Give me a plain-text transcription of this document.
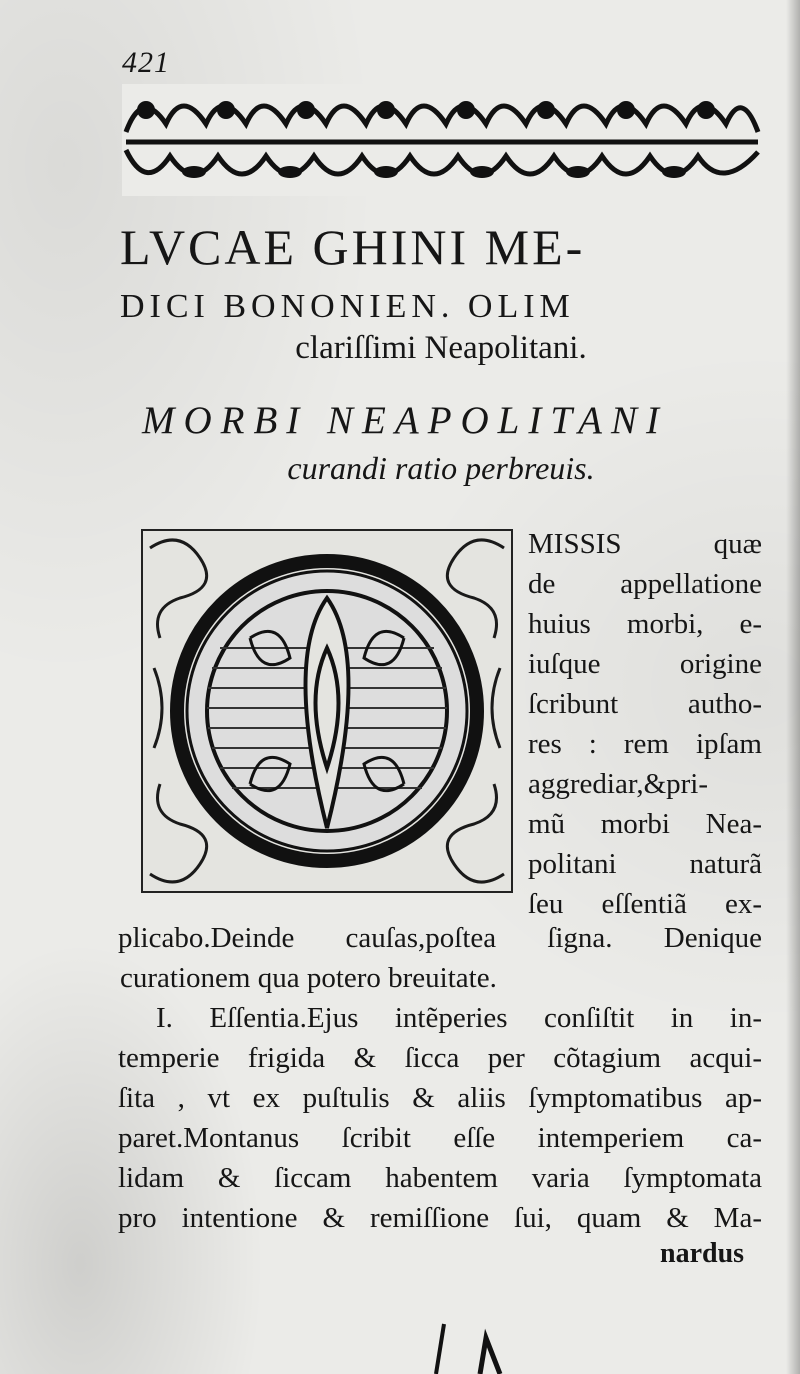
421
LVCAE GHINI ME-
DICI BONONIEN. OLIM
clariſſimi Neapolitani.
MORBI NEAPOLITANI
curandi ratio perbreuis.
MISSIS quæ
de appellatione
huius morbi, e-
iuſque origine
ſcribunt autho-
res : rem ipſam
aggrediar,&pri-
mũ morbi Nea-
politani naturã
ſeu eſſentiã ex-
plicabo.Deinde cauſas,poſtea ſigna. Denique
curationem qua potero breuitate.
I. Eſſentia.Ejus intẽperies conſiſtit in in-
temperie frigida & ſicca per cõtagium acqui-
ſita , vt ex puſtulis & aliis ſymptomatibus ap-
paret.Montanus ſcribit eſſe intemperiem ca-
lidam & ſiccam habentem varia ſymptomata
pro intentione & remiſſione ſui, quam & Ma-
nardus
